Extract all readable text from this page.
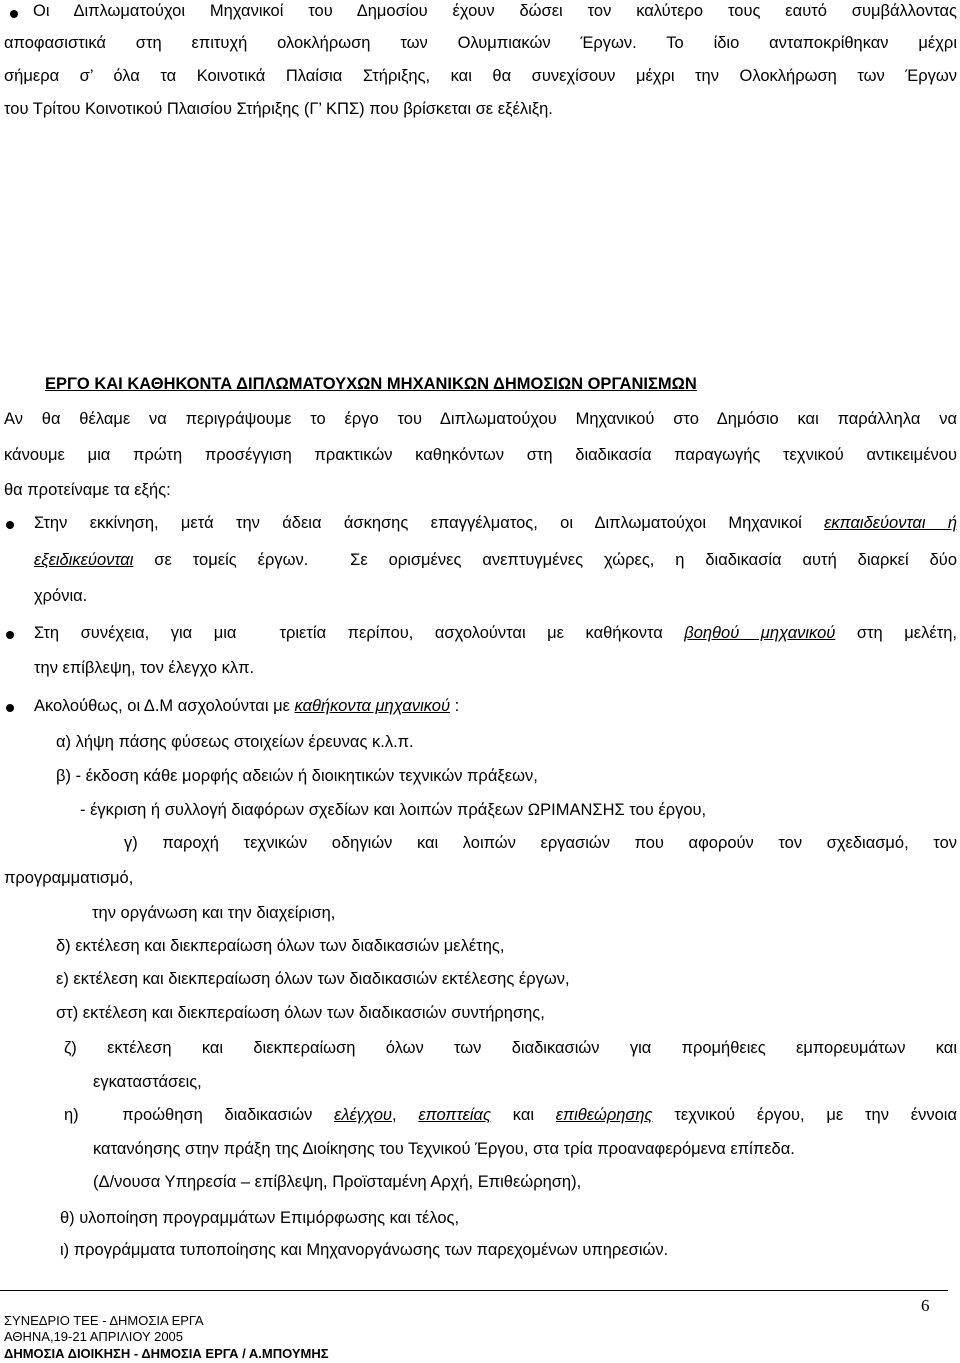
Οι Διπλωματούχοι Μηχανικοί του Δημοσίου έχουν δώσει τον καλύτερο τους εαυτό συμβάλλοντας
αποφασιστικά στη επιτυχή ολοκλήρωση των Ολυμπιακών Έργων. Το ίδιο ανταποκρίθηκαν μέχρι
σήμερα σ’ όλα τα Κοινοτικά Πλαίσια Στήριξης, και θα συνεχίσουν μέχρι την Ολοκλήρωση των Έργων
του Τρίτου Κοινοτικού Πλαισίου Στήριξης (Γ’ ΚΠΣ) που βρίσκεται σε εξέλιξη.
ΕΡΓΟ ΚΑΙ ΚΑΘΗΚΟΝΤΑ ΔΙΠΛΩΜΑΤΟΥΧΩΝ ΜΗΧΑΝΙΚΩΝ ΔΗΜΟΣΙΩΝ ΟΡΓΑΝΙΣΜΩΝ
Αν θα θέλαμε να περιγράψουμε το έργο του Διπλωματούχου Μηχανικού στο Δημόσιο και παράλληλα να
κάνουμε μια πρώτη προσέγγιση πρακτικών καθηκόντων στη διαδικασία παραγωγής τεχνικού αντικειμένου
θα προτείναμε τα εξής:
Στην εκκίνηση, μετά την άδεια άσκησης επαγγέλματος, οι Διπλωματούχοι Μηχανικοί εκπαιδεύονται ή
εξειδικεύονται σε τομείς έργων.  Σε ορισμένες ανεπτυγμένες χώρες, η διαδικασία αυτή διαρκεί δύο
χρόνια.
Στη συνέχεια, για μια  τριετία περίπου, ασχολούνται με καθήκοντα βοηθού μηχανικού στη μελέτη,
την επίβλεψη, τον έλεγχο κλπ.
Ακολούθως, οι Δ.Μ ασχολούνται με καθήκοντα μηχανικού :
α) λήψη πάσης φύσεως στοιχείων έρευνας κ.λ.π.
β) - έκδοση κάθε μορφής αδειών ή διοικητικών τεχνικών πράξεων,
- έγκριση ή συλλογή διαφόρων σχεδίων και λοιπών πράξεων ΩΡΙΜΑΝΣΗΣ του έργου,
γ) παροχή τεχνικών οδηγιών και λοιπών εργασιών που αφορούν τον σχεδιασμό, τον
προγραμματισμό,
την οργάνωση και την διαχείριση,
δ) εκτέλεση και διεκπεραίωση όλων των διαδικασιών μελέτης,
ε) εκτέλεση και διεκπεραίωση όλων των διαδικασιών εκτέλεσης έργων,
στ) εκτέλεση και διεκπεραίωση όλων των διαδικασιών συντήρησης,
ζ) εκτέλεση και διεκπεραίωση όλων των διαδικασιών για προμήθειες εμπορευμάτων και
εγκαταστάσεις,
η)  προώθηση διαδικασιών ελέγχου, εποπτείας και επιθεώρησης τεχνικού έργου, με την έννοια
κατανόησης στην πράξη της Διοίκησης του Τεχνικού Έργου, στα τρία προαναφερόμενα επίπεδα.
(Δ/νουσα Υπηρεσία – επίβλεψη, Προϊσταμένη Αρχή, Επιθεώρηση),
θ) υλοποίηση προγραμμάτων Επιμόρφωσης και τέλος,
ι) προγράμματα τυποποίησης και Μηχανοργάνωσης των παρεχομένων υπηρεσιών.
6
ΣΥΝΕΔΡΙΟ ΤΕΕ - ΔΗΜΟΣΙΑ ΕΡΓΑ
ΑΘΗΝΑ,19-21 ΑΠΡΙΛΙΟΥ 2005
ΔΗΜΟΣΙΑ ΔΙΟΙΚΗΣΗ - ΔΗΜΟΣΙΑ ΕΡΓΑ / Α.ΜΠΟΥΜΗΣ
